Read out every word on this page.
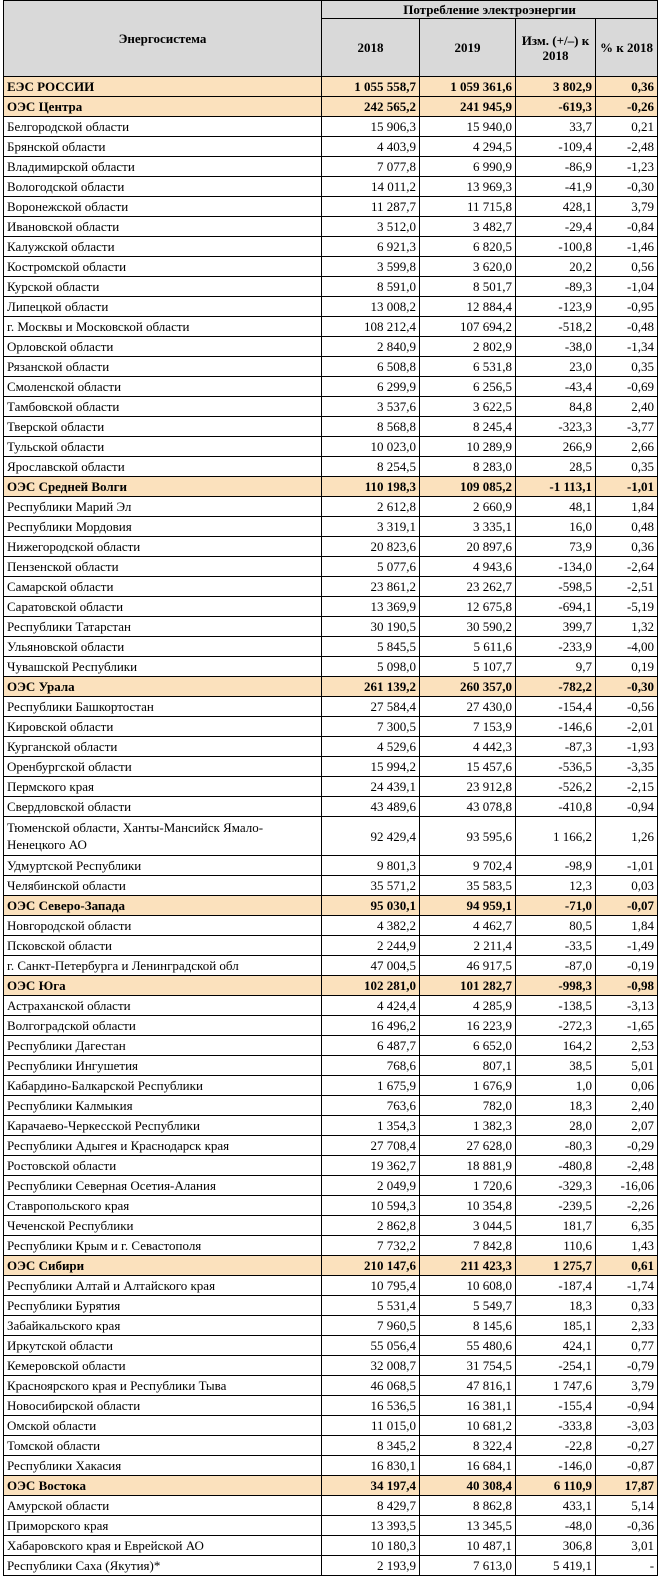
Энергосистема	Потребление электроэнергии			
	2018	2019	Изм. (+/–) к 2018	% к 2018
ЕЭС РОССИИ	1 055 558,7	1 059 361,6	3 802,9	0,36
ОЭС Центра	242 565,2	241 945,9	-619,3	-0,26
Белгородской области	15 906,3	15 940,0	33,7	0,21
Брянской области	4 403,9	4 294,5	-109,4	-2,48
Владимирской области	7 077,8	6 990,9	-86,9	-1,23
Вологодской области	14 011,2	13 969,3	-41,9	-0,30
Воронежской области	11 287,7	11 715,8	428,1	3,79
Ивановской области	3 512,0	3 482,7	-29,4	-0,84
Калужской области	6 921,3	6 820,5	-100,8	-1,46
Костромской области	3 599,8	3 620,0	20,2	0,56
Курской области	8 591,0	8 501,7	-89,3	-1,04
Липецкой области	13 008,2	12 884,4	-123,9	-0,95
г. Москвы и Московской области	108 212,4	107 694,2	-518,2	-0,48
Орловской области	2 840,9	2 802,9	-38,0	-1,34
Рязанской области	6 508,8	6 531,8	23,0	0,35
Смоленской области	6 299,9	6 256,5	-43,4	-0,69
Тамбовской области	3 537,6	3 622,5	84,8	2,40
Тверской области	8 568,8	8 245,4	-323,3	-3,77
Тульской области	10 023,0	10 289,9	266,9	2,66
Ярославской области	8 254,5	8 283,0	28,5	0,35
ОЭС Средней Волги	110 198,3	109 085,2	-1 113,1	-1,01
Республики Марий Эл	2 612,8	2 660,9	48,1	1,84
Республики Мордовия	3 319,1	3 335,1	16,0	0,48
Нижегородской области	20 823,6	20 897,6	73,9	0,36
Пензенской области	5 077,6	4 943,6	-134,0	-2,64
Самарской области	23 861,2	23 262,7	-598,5	-2,51
Саратовской области	13 369,9	12 675,8	-694,1	-5,19
Республики Татарстан	30 190,5	30 590,2	399,7	1,32
Ульяновской области	5 845,5	5 611,6	-233,9	-4,00
Чувашской Республики	5 098,0	5 107,7	9,7	0,19
ОЭС Урала	261 139,2	260 357,0	-782,2	-0,30
Республики Башкортостан	27 584,4	27 430,0	-154,4	-0,56
Кировской области	7 300,5	7 153,9	-146,6	-2,01
Курганской области	4 529,6	4 442,3	-87,3	-1,93
Оренбургской области	15 994,2	15 457,6	-536,5	-3,35
Пермского края	24 439,1	23 912,8	-526,2	-2,15
Свердловской области	43 489,6	43 078,8	-410,8	-0,94
Тюменской области, Ханты-Мансийск Ямало-Ненецкого АО	92 429,4	93 595,6	1 166,2	1,26
Удмуртской Республики	9 801,3	9 702,4	-98,9	-1,01
Челябинской области	35 571,2	35 583,5	12,3	0,03
ОЭС Северо-Запада	95 030,1	94 959,1	-71,0	-0,07
Новгородской области	4 382,2	4 462,7	80,5	1,84
Псковской области	2 244,9	2 211,4	-33,5	-1,49
г. Санкт-Петербурга и Ленинградской обл	47 004,5	46 917,5	-87,0	-0,19
ОЭС Юга	102 281,0	101 282,7	-998,3	-0,98
Астраханской области	4 424,4	4 285,9	-138,5	-3,13
Волгоградской области	16 496,2	16 223,9	-272,3	-1,65
Республики Дагестан	6 487,7	6 652,0	164,2	2,53
Республики Ингушетия	768,6	807,1	38,5	5,01
Кабардино-Балкарской Республики	1 675,9	1 676,9	1,0	0,06
Республики Калмыкия	763,6	782,0	18,3	2,40
Карачаево-Черкесской Республики	1 354,3	1 382,3	28,0	2,07
Республики Адыгея и Краснодарск края	27 708,4	27 628,0	-80,3	-0,29
Ростовской области	19 362,7	18 881,9	-480,8	-2,48
Республики Северная Осетия-Алания	2 049,9	1 720,6	-329,3	-16,06
Ставропольского края	10 594,3	10 354,8	-239,5	-2,26
Чеченской Республики	2 862,8	3 044,5	181,7	6,35
Республики Крым и г. Севастополя	7 732,2	7 842,8	110,6	1,43
ОЭС Сибири	210 147,6	211 423,3	1 275,7	0,61
Республики Алтай и Алтайского края	10 795,4	10 608,0	-187,4	-1,74
Республики Бурятия	5 531,4	5 549,7	18,3	0,33
Забайкальского края	7 960,5	8 145,6	185,1	2,33
Иркутской области	55 056,4	55 480,6	424,1	0,77
Кемеровской области	32 008,7	31 754,5	-254,1	-0,79
Красноярского края и Республики Тыва	46 068,5	47 816,1	1 747,6	3,79
Новосибирской области	16 536,5	16 381,1	-155,4	-0,94
Омской области	11 015,0	10 681,2	-333,8	-3,03
Томской области	8 345,2	8 322,4	-22,8	-0,27
Республики Хакасия	16 830,1	16 684,1	-146,0	-0,87
ОЭС Востока	34 197,4	40 308,4	6 110,9	17,87
Амурской области	8 429,7	8 862,8	433,1	5,14
Приморского края	13 393,5	13 345,5	-48,0	-0,36
Хабаровского края и Еврейской АО	10 180,3	10 487,1	306,8	3,01
Республики Саха (Якутия)*	2 193,9	7 613,0	5 419,1	-
